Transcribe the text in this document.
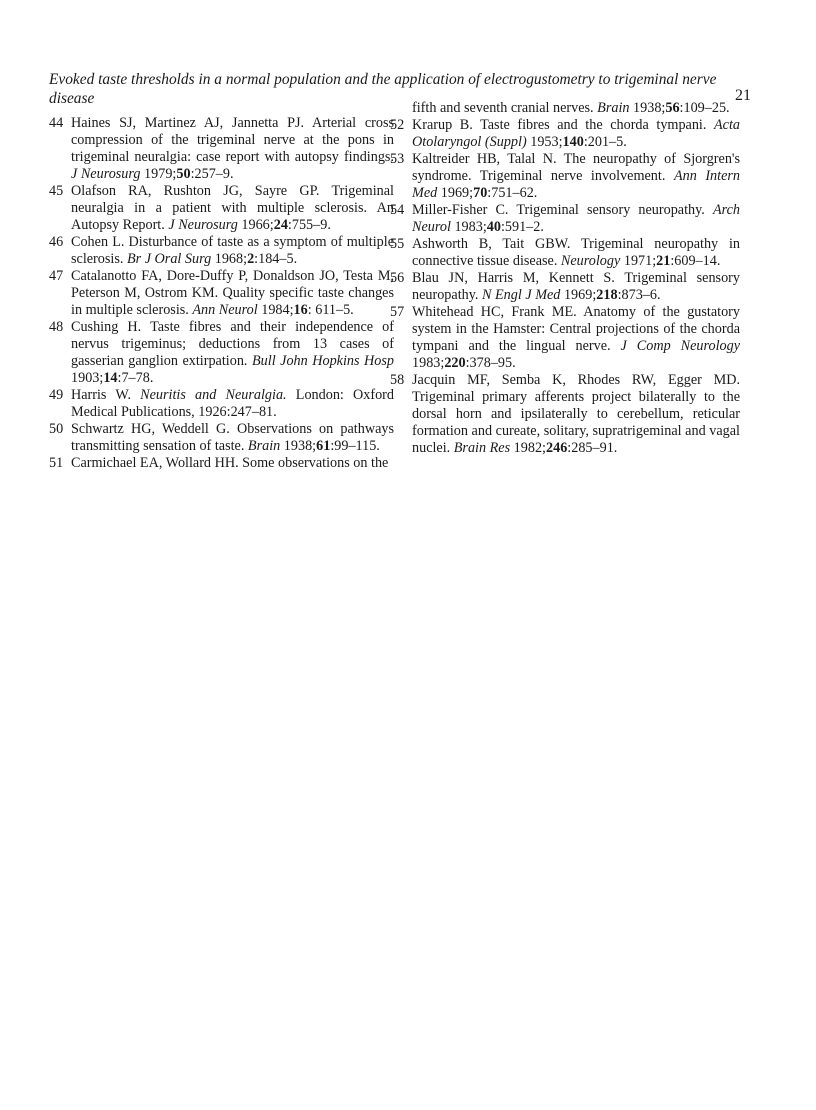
Evoked taste thresholds in a normal population and the application of electrogustometry to trigeminal nerve disease	21
44 Haines SJ, Martinez AJ, Jannetta PJ. Arterial cross compression of the trigeminal nerve at the pons in trigeminal neuralgia: case report with autopsy findings. J Neurosurg 1979;50:257–9.
45 Olafson RA, Rushton JG, Sayre GP. Trigeminal neuralgia in a patient with multiple sclerosis. An Autopsy Report. J Neurosurg 1966;24:755–9.
46 Cohen L. Disturbance of taste as a symptom of multiple sclerosis. Br J Oral Surg 1968;2:184–5.
47 Catalanotto FA, Dore-Duffy P, Donaldson JO, Testa M, Peterson M, Ostrom KM. Quality specific taste changes in multiple sclerosis. Ann Neurol 1984;16: 611–5.
48 Cushing H. Taste fibres and their independence of nervus trigeminus; deductions from 13 cases of gasserian ganglion extirpation. Bull John Hopkins Hosp 1903;14:7–78.
49 Harris W. Neuritis and Neuralgia. London: Oxford Medical Publications, 1926:247–81.
50 Schwartz HG, Weddell G. Observations on pathways transmitting sensation of taste. Brain 1938;61:99–115.
51 Carmichael EA, Wollard HH. Some observations on the
fifth and seventh cranial nerves. Brain 1938;56:109–25.
52 Krarup B. Taste fibres and the chorda tympani. Acta Otolaryngol (Suppl) 1953;140:201–5.
53 Kaltreider HB, Talal N. The neuropathy of Sjorgren's syndrome. Trigeminal nerve involvement. Ann Intern Med 1969;70:751–62.
54 Miller-Fisher C. Trigeminal sensory neuropathy. Arch Neurol 1983;40:591–2.
55 Ashworth B, Tait GBW. Trigeminal neuropathy in connective tissue disease. Neurology 1971;21:609–14.
56 Blau JN, Harris M, Kennett S. Trigeminal sensory neuropathy. N Engl J Med 1969;218:873–6.
57 Whitehead HC, Frank ME. Anatomy of the gustatory system in the Hamster: Central projections of the chorda tympani and the lingual nerve. J Comp Neurology 1983;220:378–95.
58 Jacquin MF, Semba K, Rhodes RW, Egger MD. Trigeminal primary afferents project bilaterally to the dorsal horn and ipsilaterally to cerebellum, reticular formation and cureate, solitary, supratrigeminal and vagal nuclei. Brain Res 1982;246:285–91.
